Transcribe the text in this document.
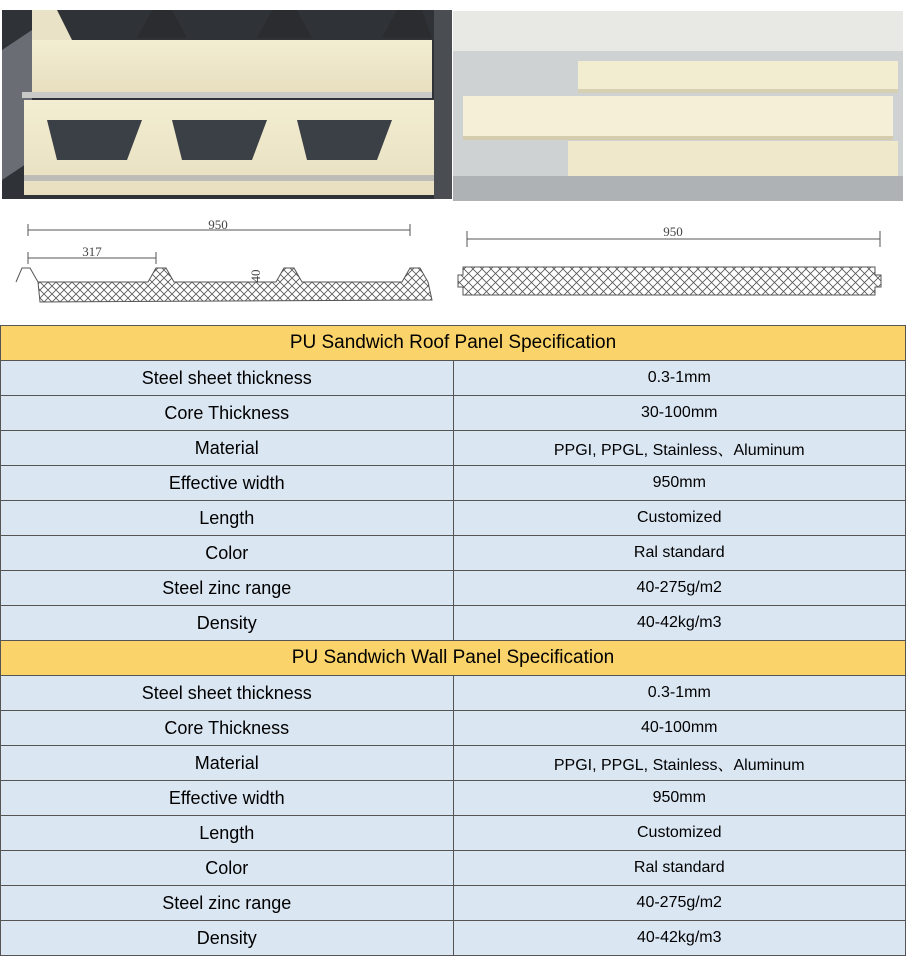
950
317
40
950
PU Sandwich Roof Panel Specification	
Steel sheet thickness	0.3-1mm
Core Thickness	30-100mm
Material	PPGI, PPGL, Stainless、Aluminum
Effective width	950mm
Length	Customized
Color	Ral standard
Steel zinc range	40-275g/m2
Density	40-42kg/m3
PU Sandwich Wall Panel Specification	
Steel sheet thickness	0.3-1mm
Core Thickness	40-100mm
Material	PPGI, PPGL, Stainless、Aluminum
Effective width	950mm
Length	Customized
Color	Ral standard
Steel zinc range	40-275g/m2
Density	40-42kg/m3
